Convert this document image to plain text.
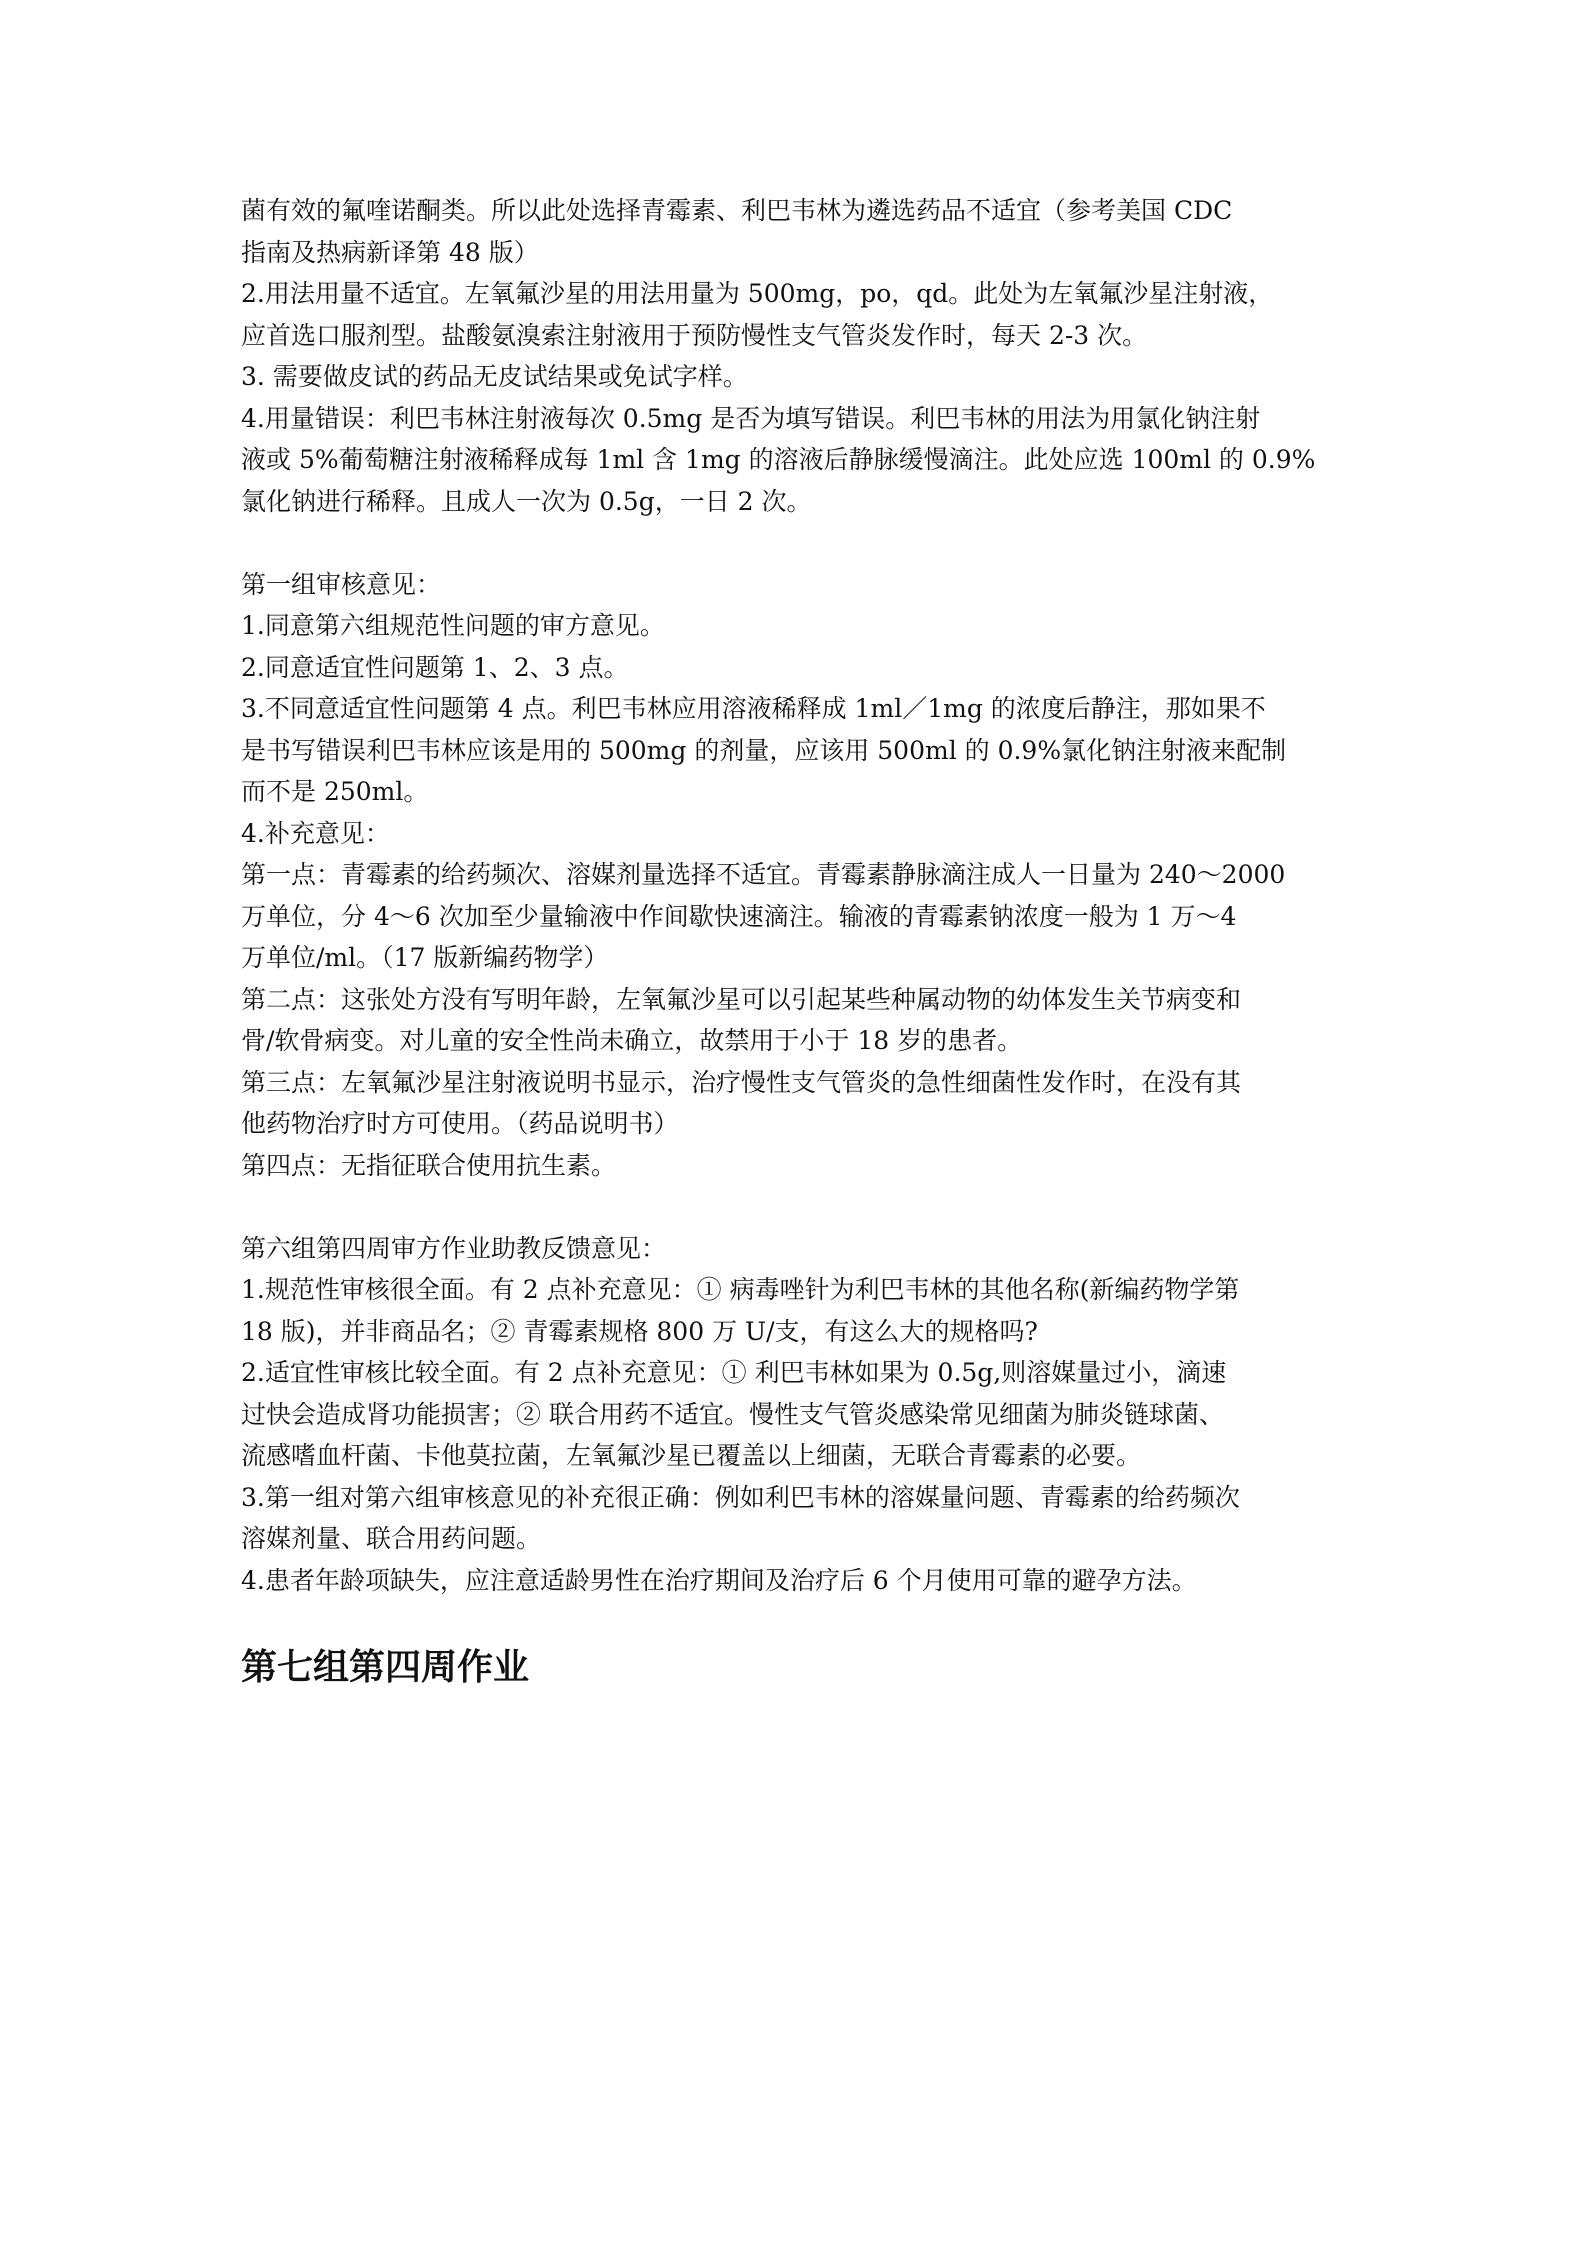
菌有效的氟喹诺酮类。所以此处选择青霉素、利巴韦林为遴选药品不适宜（参考美国 CDC

指南及热病新译第 48 版）

2.用法用量不适宜。左氧氟沙星的用法用量为 500mg，po，qd。此处为左氧氟沙星注射液，

应首选口服剂型。盐酸氨溴索注射液用于预防慢性支气管炎发作时，每天 2-3 次。

3. 需要做皮试的药品无皮试结果或免试字样。

4.用量错误：利巴韦林注射液每次 0.5mg 是否为填写错误。利巴韦林的用法为用氯化钠注射

液或 5%葡萄糖注射液稀释成每 1ml 含 1mg 的溶液后静脉缓慢滴注。此处应选 100ml 的 0.9%

氯化钠进行稀释。且成人一次为 0.5g，一日 2 次。

第一组审核意见：

1.同意第六组规范性问题的审方意见。

2.同意适宜性问题第 1、2、3 点。

3.不同意适宜性问题第 4 点。利巴韦林应用溶液稀释成 1ml／1mg 的浓度后静注，那如果不

是书写错误利巴韦林应该是用的 500mg 的剂量，应该用 500ml 的 0.9%氯化钠注射液来配制

而不是 250ml。

4.补充意见：

第一点：青霉素的给药频次、溶媒剂量选择不适宜。青霉素静脉滴注成人一日量为 240～2000

万单位，分 4～6 次加至少量输液中作间歇快速滴注。输液的青霉素钠浓度一般为 1 万～4

万单位/ml。（17 版新编药物学）

第二点：这张处方没有写明年龄，左氧氟沙星可以引起某些种属动物的幼体发生关节病变和

骨/软骨病变。对儿童的安全性尚未确立，故禁用于小于 18 岁的患者。

第三点：左氧氟沙星注射液说明书显示，治疗慢性支气管炎的急性细菌性发作时，在没有其

他药物治疗时方可使用。（药品说明书）

第四点：无指征联合使用抗生素。

第六组第四周审方作业助教反馈意见：

1.规范性审核很全面。有 2 点补充意见：① 病毒唑针为利巴韦林的其他名称(新编药物学第

18 版)，并非商品名；② 青霉素规格 800 万 U/支，有这么大的规格吗?

2.适宜性审核比较全面。有 2 点补充意见：① 利巴韦林如果为 0.5g,则溶媒量过小，滴速

过快会造成肾功能损害；② 联合用药不适宜。慢性支气管炎感染常见细菌为肺炎链球菌、

流感嗜血杆菌、卡他莫拉菌，左氧氟沙星已覆盖以上细菌，无联合青霉素的必要。

3.第一组对第六组审核意见的补充很正确：例如利巴韦林的溶媒量问题、青霉素的给药频次

溶媒剂量、联合用药问题。

4.患者年龄项缺失，应注意适龄男性在治疗期间及治疗后 6 个月使用可靠的避孕方法。

第七组第四周作业
